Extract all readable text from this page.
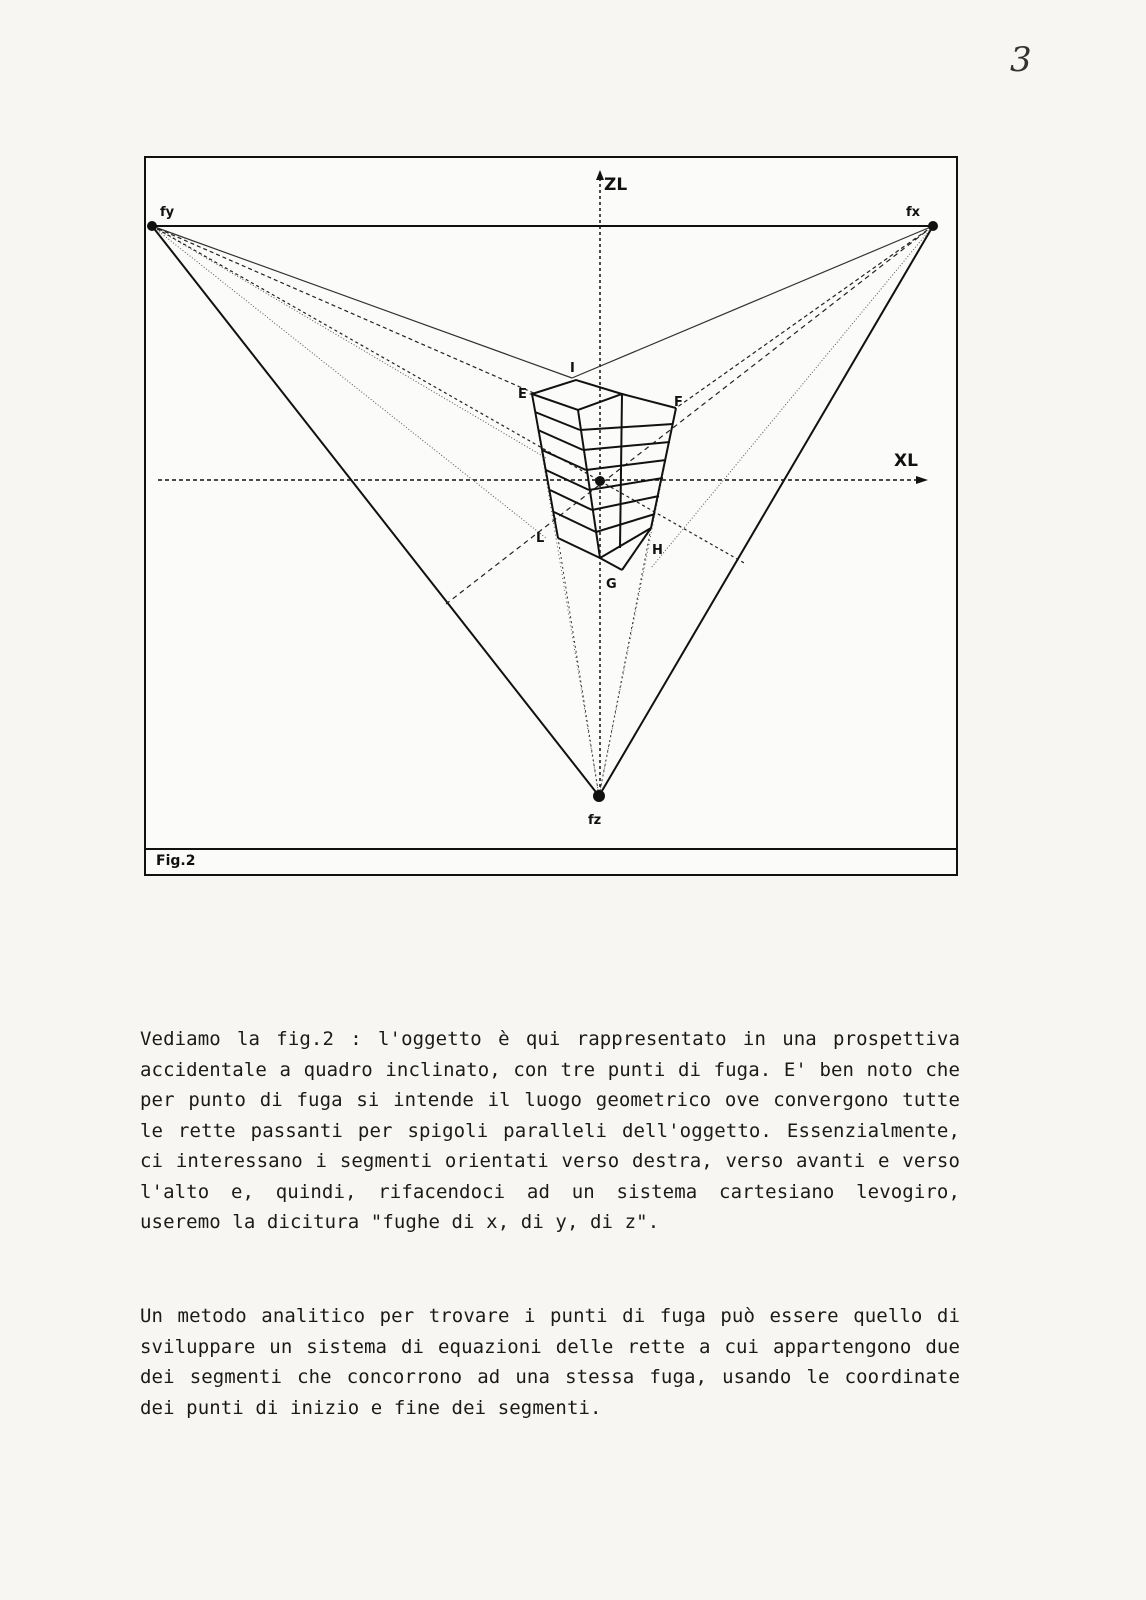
3
fy	fx
fz
ZL
XL
E
I
F
L
G
H
Fig.2

Vediamo la fig.2 : l'oggetto è qui rappresentato in una prospettiva accidentale a quadro inclinato, con tre punti di fuga. E' ben noto che per punto di fuga si intende il luogo geometrico ove convergono tutte le rette passanti per spigoli paralleli dell'oggetto. Essenzialmente, ci interessano i segmenti orientati verso destra, verso avanti e verso l'alto e, quindi, rifacendoci ad un sistema cartesiano levogiro, useremo la dicitura "fughe di x, di y, di z".

Un metodo analitico per trovare i punti di fuga può essere quello di sviluppare un sistema di equazioni delle rette a cui appartengono due dei segmenti che concorrono ad una stessa fuga, usando le coordinate dei punti di inizio e fine dei segmenti.
